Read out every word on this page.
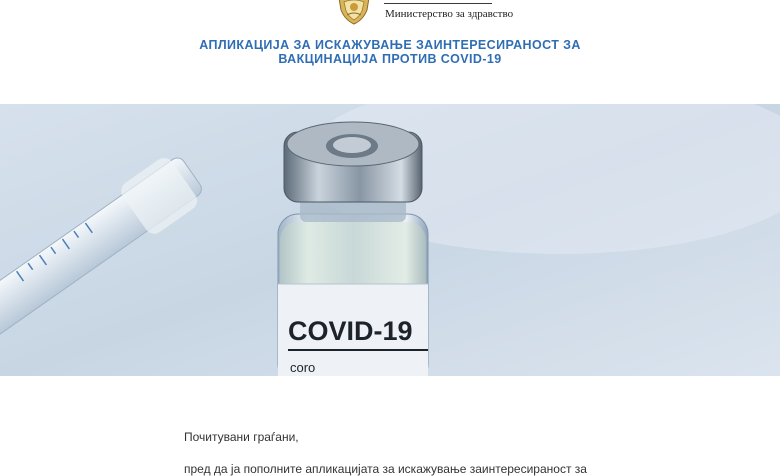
Министерство за здравство
АПЛИКАЦИЈА ЗА ИСКАЖУВАЊЕ ЗАИНТЕРЕСИРАНОСТ ЗА
ВАКЦИНАЦИЈА ПРОТИВ COVID-19
COVID-19
coro
Почитувани граѓани,
пред да ја пополните апликацијата за искажување заинтересираност за
